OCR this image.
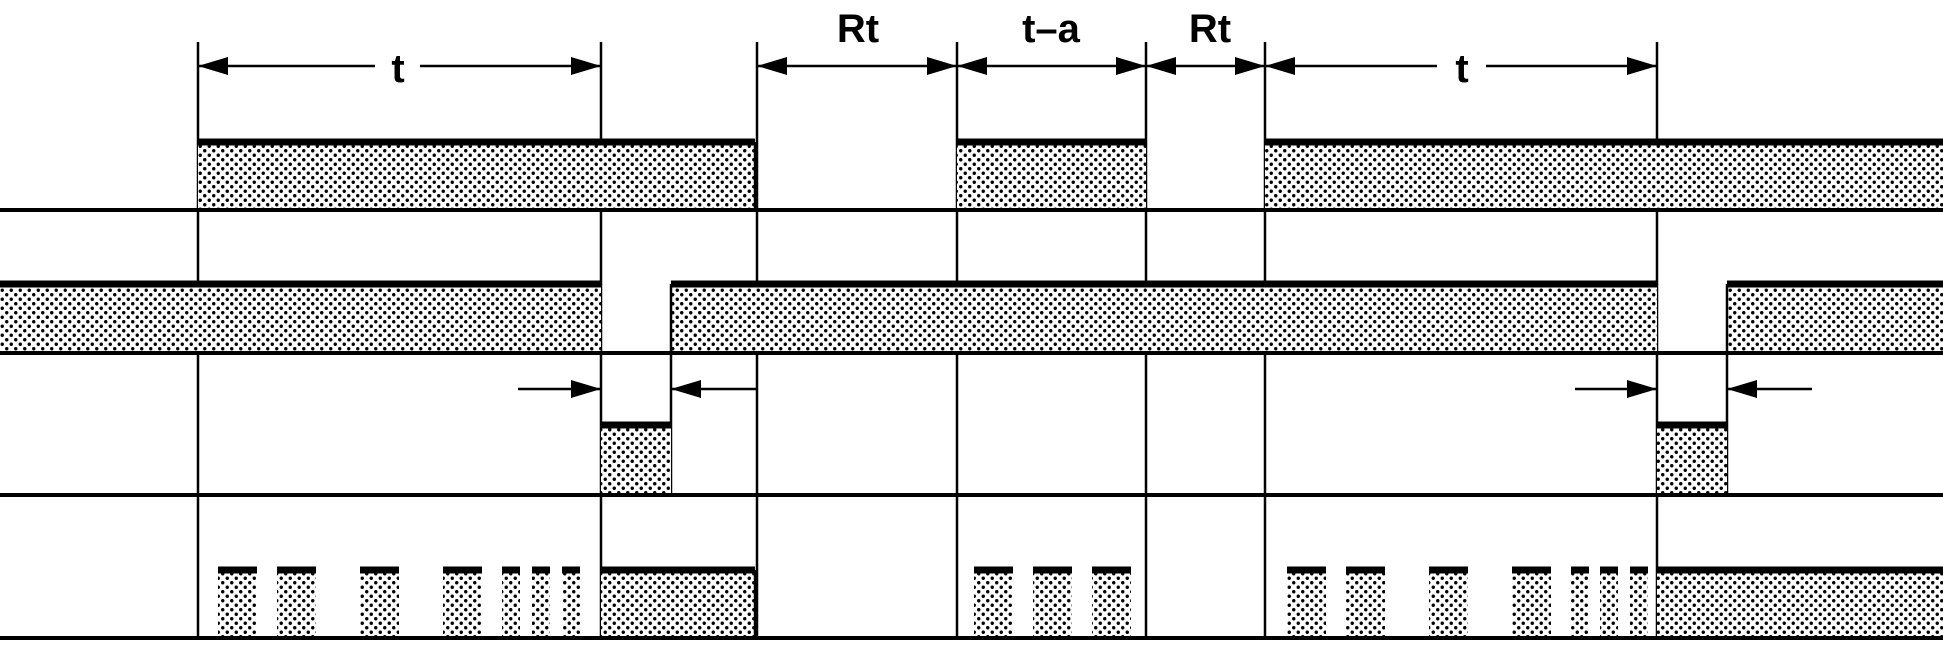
t
Rt	t–a	Rt
t
